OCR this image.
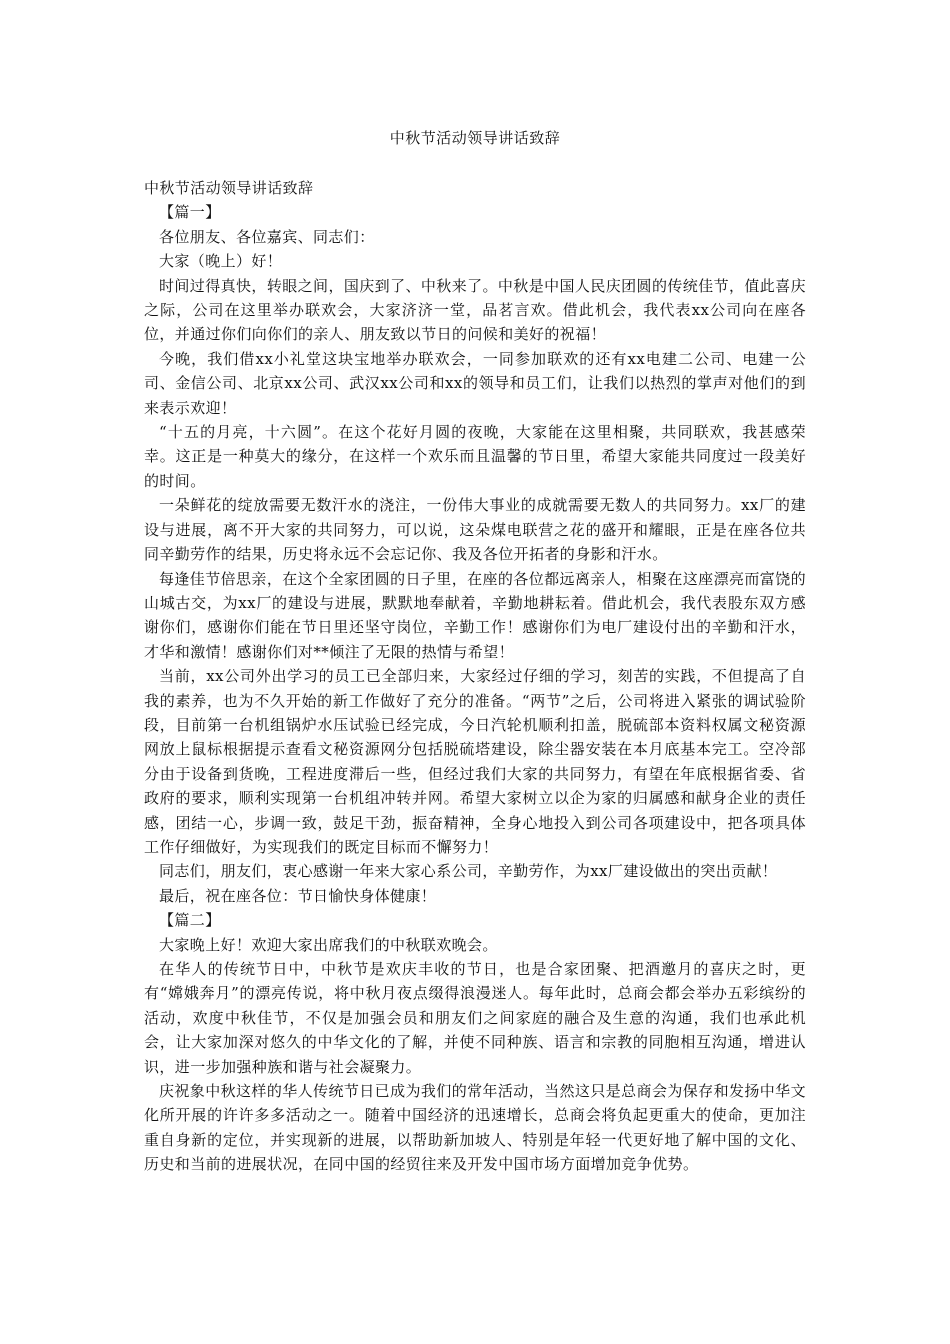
中秋节活动领导讲话致辞

中秋节活动领导讲话致辞

【篇一】

各位朋友、各位嘉宾、同志们：

大家（晚上）好！

时间过得真快，转眼之间，国庆到了、中秋来了。中秋是中国人民庆团圆的传统佳节，值此喜庆之际，公司在这里举办联欢会，大家济济一堂，品茗言欢。借此机会，我代表xx公司向在座各位，并通过你们向你们的亲人、朋友致以节日的问候和美好的祝福！

今晚，我们借xx小礼堂这块宝地举办联欢会，一同参加联欢的还有xx电建二公司、电建一公司、金信公司、北京xx公司、武汉xx公司和xx的领导和员工们，让我们以热烈的掌声对他们的到来表示欢迎！

“十五的月亮，十六圆”。在这个花好月圆的夜晚，大家能在这里相聚，共同联欢，我甚感荣幸。这正是一种莫大的缘分，在这样一个欢乐而且温馨的节日里，希望大家能共同度过一段美好的时间。

一朵鲜花的绽放需要无数汗水的浇注，一份伟大事业的成就需要无数人的共同努力。xx厂的建设与进展，离不开大家的共同努力，可以说，这朵煤电联营之花的盛开和耀眼，正是在座各位共同辛勤劳作的结果，历史将永远不会忘记你、我及各位开拓者的身影和汗水。

每逢佳节倍思亲，在这个全家团圆的日子里，在座的各位都远离亲人，相聚在这座漂亮而富饶的山城古交，为xx厂的建设与进展，默默地奉献着，辛勤地耕耘着。借此机会，我代表股东双方感谢你们，感谢你们能在节日里还坚守岗位，辛勤工作！感谢你们为电厂建设付出的辛勤和汗水，才华和激情！感谢你们对**倾注了无限的热情与希望！

当前，xx公司外出学习的员工已全部归来，大家经过仔细的学习，刻苦的实践，不但提高了自我的素养，也为不久开始的新工作做好了充分的准备。“两节”之后，公司将进入紧张的调试验阶段，目前第一台机组锅炉水压试验已经完成，今日汽轮机顺利扣盖，脱硫部本资料权属文秘资源网放上鼠标根据提示查看文秘资源网分包括脱硫塔建设，除尘器安装在本月底基本完工。空冷部分由于设备到货晚，工程进度滞后一些，但经过我们大家的共同努力，有望在年底根据省委、省政府的要求，顺利实现第一台机组冲转并网。希望大家树立以企为家的归属感和献身企业的责任感，团结一心，步调一致，鼓足干劲，振奋精神，全身心地投入到公司各项建设中，把各项具体工作仔细做好，为实现我们的既定目标而不懈努力！

同志们，朋友们，衷心感谢一年来大家心系公司，辛勤劳作，为xx厂建设做出的突出贡献！

最后，祝在座各位：节日愉快身体健康！

【篇二】

大家晚上好！欢迎大家出席我们的中秋联欢晚会。

在华人的传统节日中，中秋节是欢庆丰收的节日，也是合家团聚、把酒邀月的喜庆之时，更有“嫦娥奔月”的漂亮传说，将中秋月夜点缀得浪漫迷人。每年此时，总商会都会举办五彩缤纷的活动，欢度中秋佳节，不仅是加强会员和朋友们之间家庭的融合及生意的沟通，我们也承此机会，让大家加深对悠久的中华文化的了解，并使不同种族、语言和宗教的同胞相互沟通，增进认识，进一步加强种族和谐与社会凝聚力。

庆祝象中秋这样的华人传统节日已成为我们的常年活动，当然这只是总商会为保存和发扬中华文化所开展的许许多多活动之一。随着中国经济的迅速增长，总商会将负起更重大的使命，更加注重自身新的定位，并实现新的进展，以帮助新加坡人、特别是年轻一代更好地了解中国的文化、历史和当前的进展状况，在同中国的经贸往来及开发中国市场方面增加竞争优势。
